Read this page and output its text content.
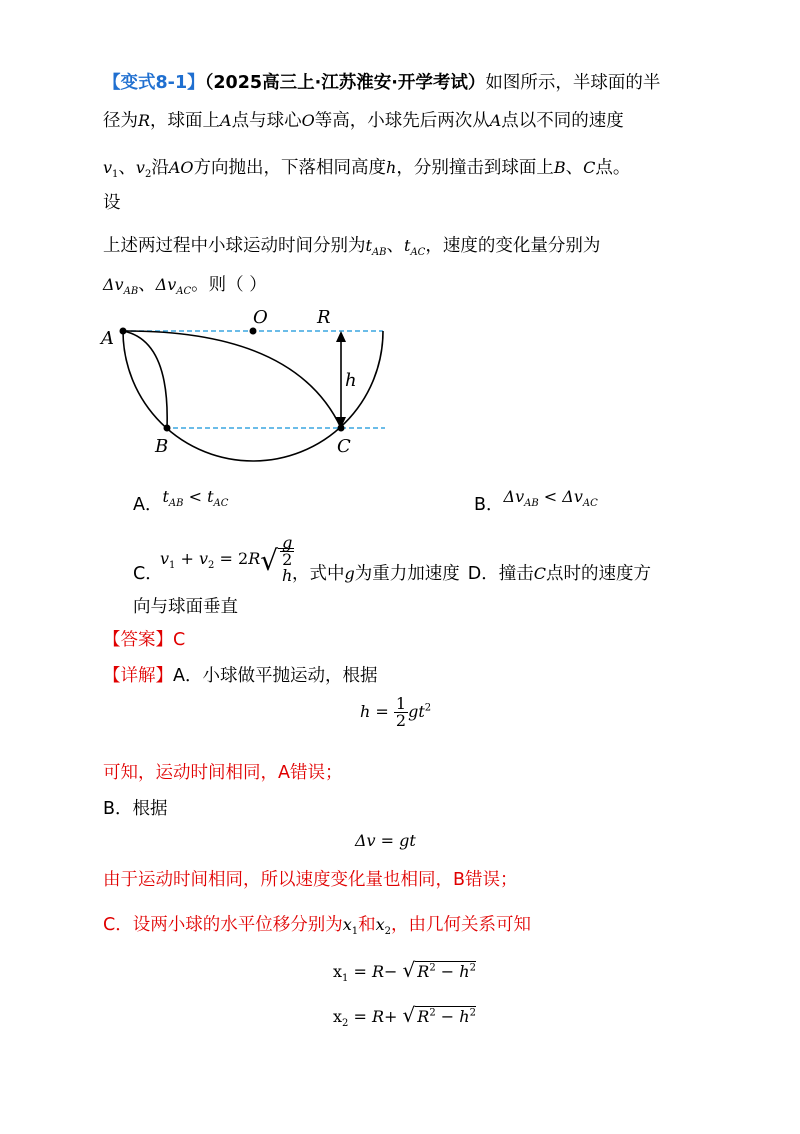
【变式8-1】（2025高三上·江苏淮安·开学考试）如图所示，半球面的半
径为R，球面上A点与球心O等高，小球先后两次从A点以不同的速度
$v_1$、$v_2$沿AO方向抛出，下落相同高度h，分别撞击到球面上B、C点。
设
上述两过程中小球运动时间分别为$t_{AB}$、$t_{AC}$，速度的变化量分别为
$\Delta v_{AB}$、$\Delta v_{AC}$。则（ ）
A
O	R
h
B	C
A．$t^{AB} < t^{AC}$	B．$\Delta v^{AB} < \Delta v^{AC}$
$v_1 + v_2 = 2R√$ g
2
h
C．	，式中g为重力加速度 D．撞击C点时的速度方
向与球面垂直
【答案】C
【详解】A．小球做平抛运动，根据
$h = \frac{1}{2} gt^2$
可知，运动时间相同，A错误；
B．根据
Δv = gt
由于运动时间相同，所以速度变化量也相同，B错误；
C．设两小球的水平位移分别为$x_1$和$x_2$，由几何关系可知
$x_1 = R-$ √ $R^2 - h^2$
$x_2 = R+$ √ $R^2 - h^2$
